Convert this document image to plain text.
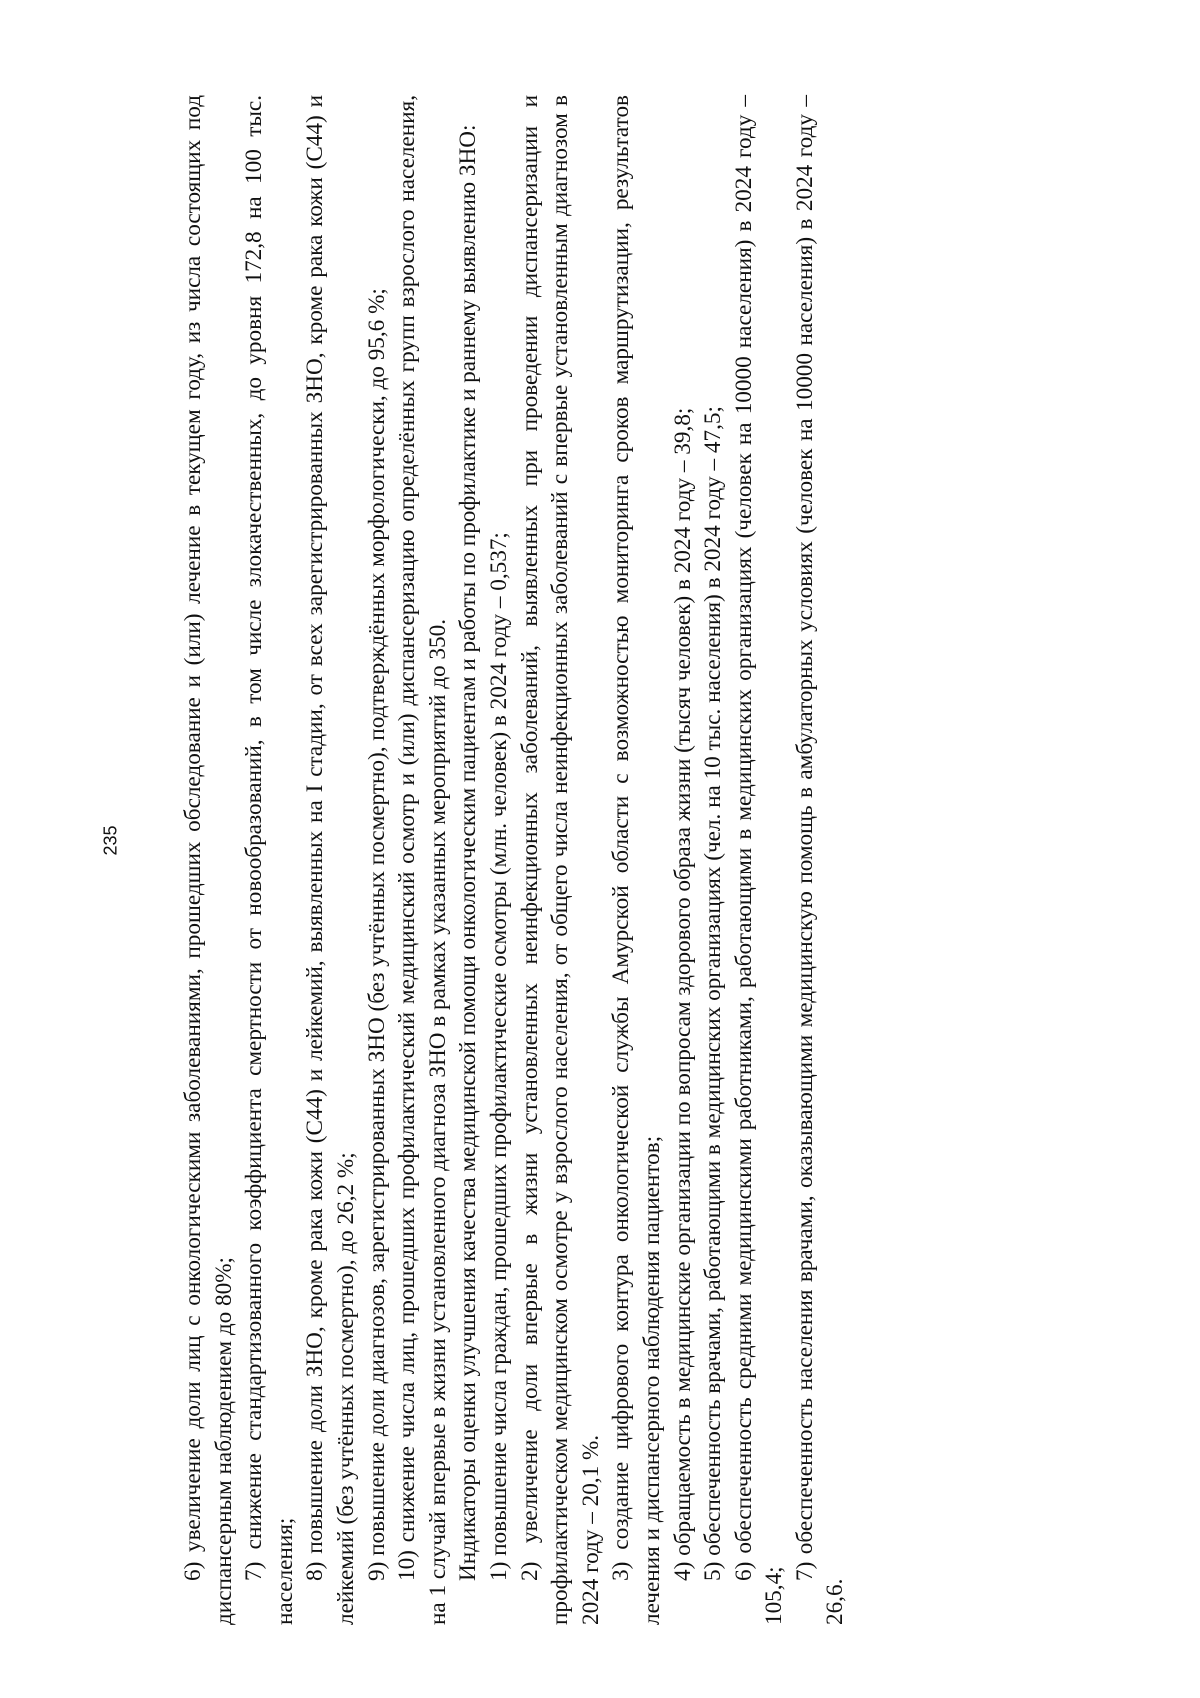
235	6) увеличение доли лиц с онкологическими заболеваниями, прошедших обследование и (или) лечение в текущем году, из числа состоящих под диспансерным наблюдением до 80%; 7) снижение стандартизованного коэффициента смертности от новообразований, в том числе злокачественных, до уровня 172,8 на 100 тыс. населения; 8) повышение доли ЗНО, кроме рака кожи (С44) и лейкемий, выявленных на I стадии, от всех зарегистрированных ЗНО, кроме рака кожи (С44) и лейкемий (без учтённых посмертно), до 26,2 %; 9) повышение доли диагнозов, зарегистрированных ЗНО (без учтённых посмертно), подтверждённых морфологически, до 95,6 %; 10) снижение числа лиц, прошедших профилактический медицинский осмотр и (или) диспансеризацию определённых групп взрослого населения, на 1 случай впервые в жизни установленного диагноза ЗНО в рамках указанных мероприятий до 350. Индикаторы оценки улучшения качества медицинской помощи онкологическим пациентам и работы по профилактике и раннему выявлению ЗНО: 1) повышение числа граждан, прошедших профилактические осмотры (млн. человек) в 2024 году – 0,537; 2) увеличение доли впервые в жизни установленных неинфекционных заболеваний, выявленных при проведении диспансеризации и профилактическом медицинском осмотре у взрослого населения, от общего числа неинфекционных заболеваний с впервые установленным диагнозом в 2024 году – 20,1 %. 3) создание цифрового контура онкологической службы Амурской области с возможностью мониторинга сроков маршрутизации, результатов лечения и диспансерного наблюдения пациентов; 4) обращаемость в медицинские организации по вопросам здорового образа жизни (тысяч человек) в 2024 году – 39,8; 5) обеспеченность врачами, работающими в медицинских организациях (чел. на 10 тыс. населения) в 2024 году – 47,5; 6) обеспеченность средними медицинскими работниками, работающими в медицинских организациях (человек на 10000 населения) в 2024 году – 105,4;

7) обеспеченность населения врачами, оказывающими медицинскую помощь в амбулаторных условиях (человек на 10000 населения) в 2024 году – 26,6.
